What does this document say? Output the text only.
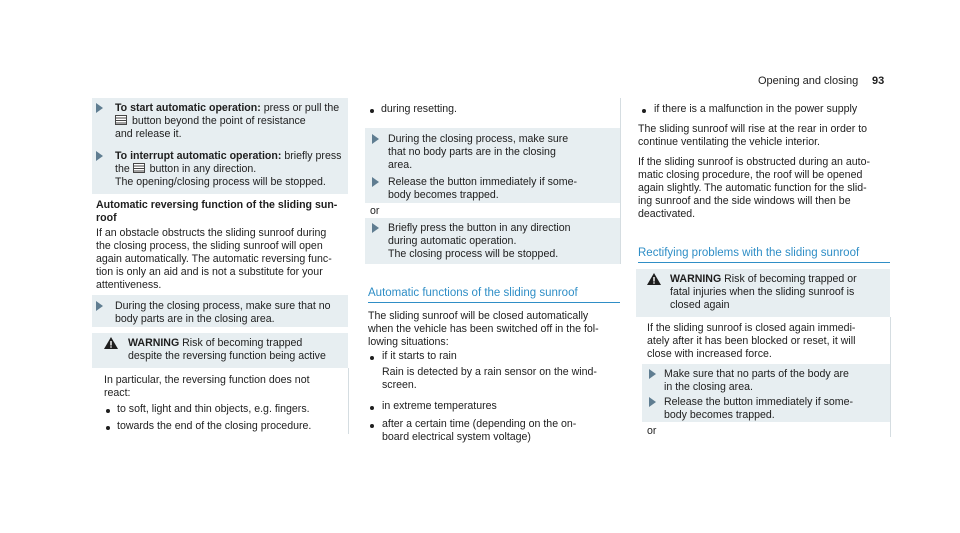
Opening and closing 93
To start automatic operation: press or pull the
button beyond the point of resistance
and release it.
To interrupt automatic operation: briefly press
the  button in any direction.
The opening/closing process will be stopped.
Automatic reversing function of the sliding sun-
roof
If an obstacle obstructs the sliding sunroof during
the closing process, the sliding sunroof will open
again automatically. The automatic reversing func-
tion is only an aid and is not a substitute for your
attentiveness.
During the closing process, make sure that no
body parts are in the closing area.
WARNING Risk of becoming trapped
despite the reversing function being active
In particular, the reversing function does not
react:
to soft, light and thin objects, e.g. fingers.
towards the end of the closing procedure.
during resetting.
During the closing process, make sure
that no body parts are in the closing
area.
Release the button immediately if some-
body becomes trapped.
or
Briefly press the button in any direction
during automatic operation.
The closing process will be stopped.
Automatic functions of the sliding sunroof
The sliding sunroof will be closed automatically
when the vehicle has been switched off in the fol-
lowing situations:
if it starts to rain
Rain is detected by a rain sensor on the wind-
screen.
in extreme temperatures
after a certain time (depending on the on-
board electrical system voltage)
if there is a malfunction in the power supply
The sliding sunroof will rise at the rear in order to
continue ventilating the vehicle interior.
If the sliding sunroof is obstructed during an auto-
matic closing procedure, the roof will be opened
again slightly. The automatic function for the slid-
ing sunroof and the side windows will then be
deactivated.
Rectifying problems with the sliding sunroof
WARNING Risk of becoming trapped or
fatal injuries when the sliding sunroof is
closed again
If the sliding sunroof is closed again immedi-
ately after it has been blocked or reset, it will
close with increased force.
Make sure that no parts of the body are
in the closing area.
Release the button immediately if some-
body becomes trapped.
or
